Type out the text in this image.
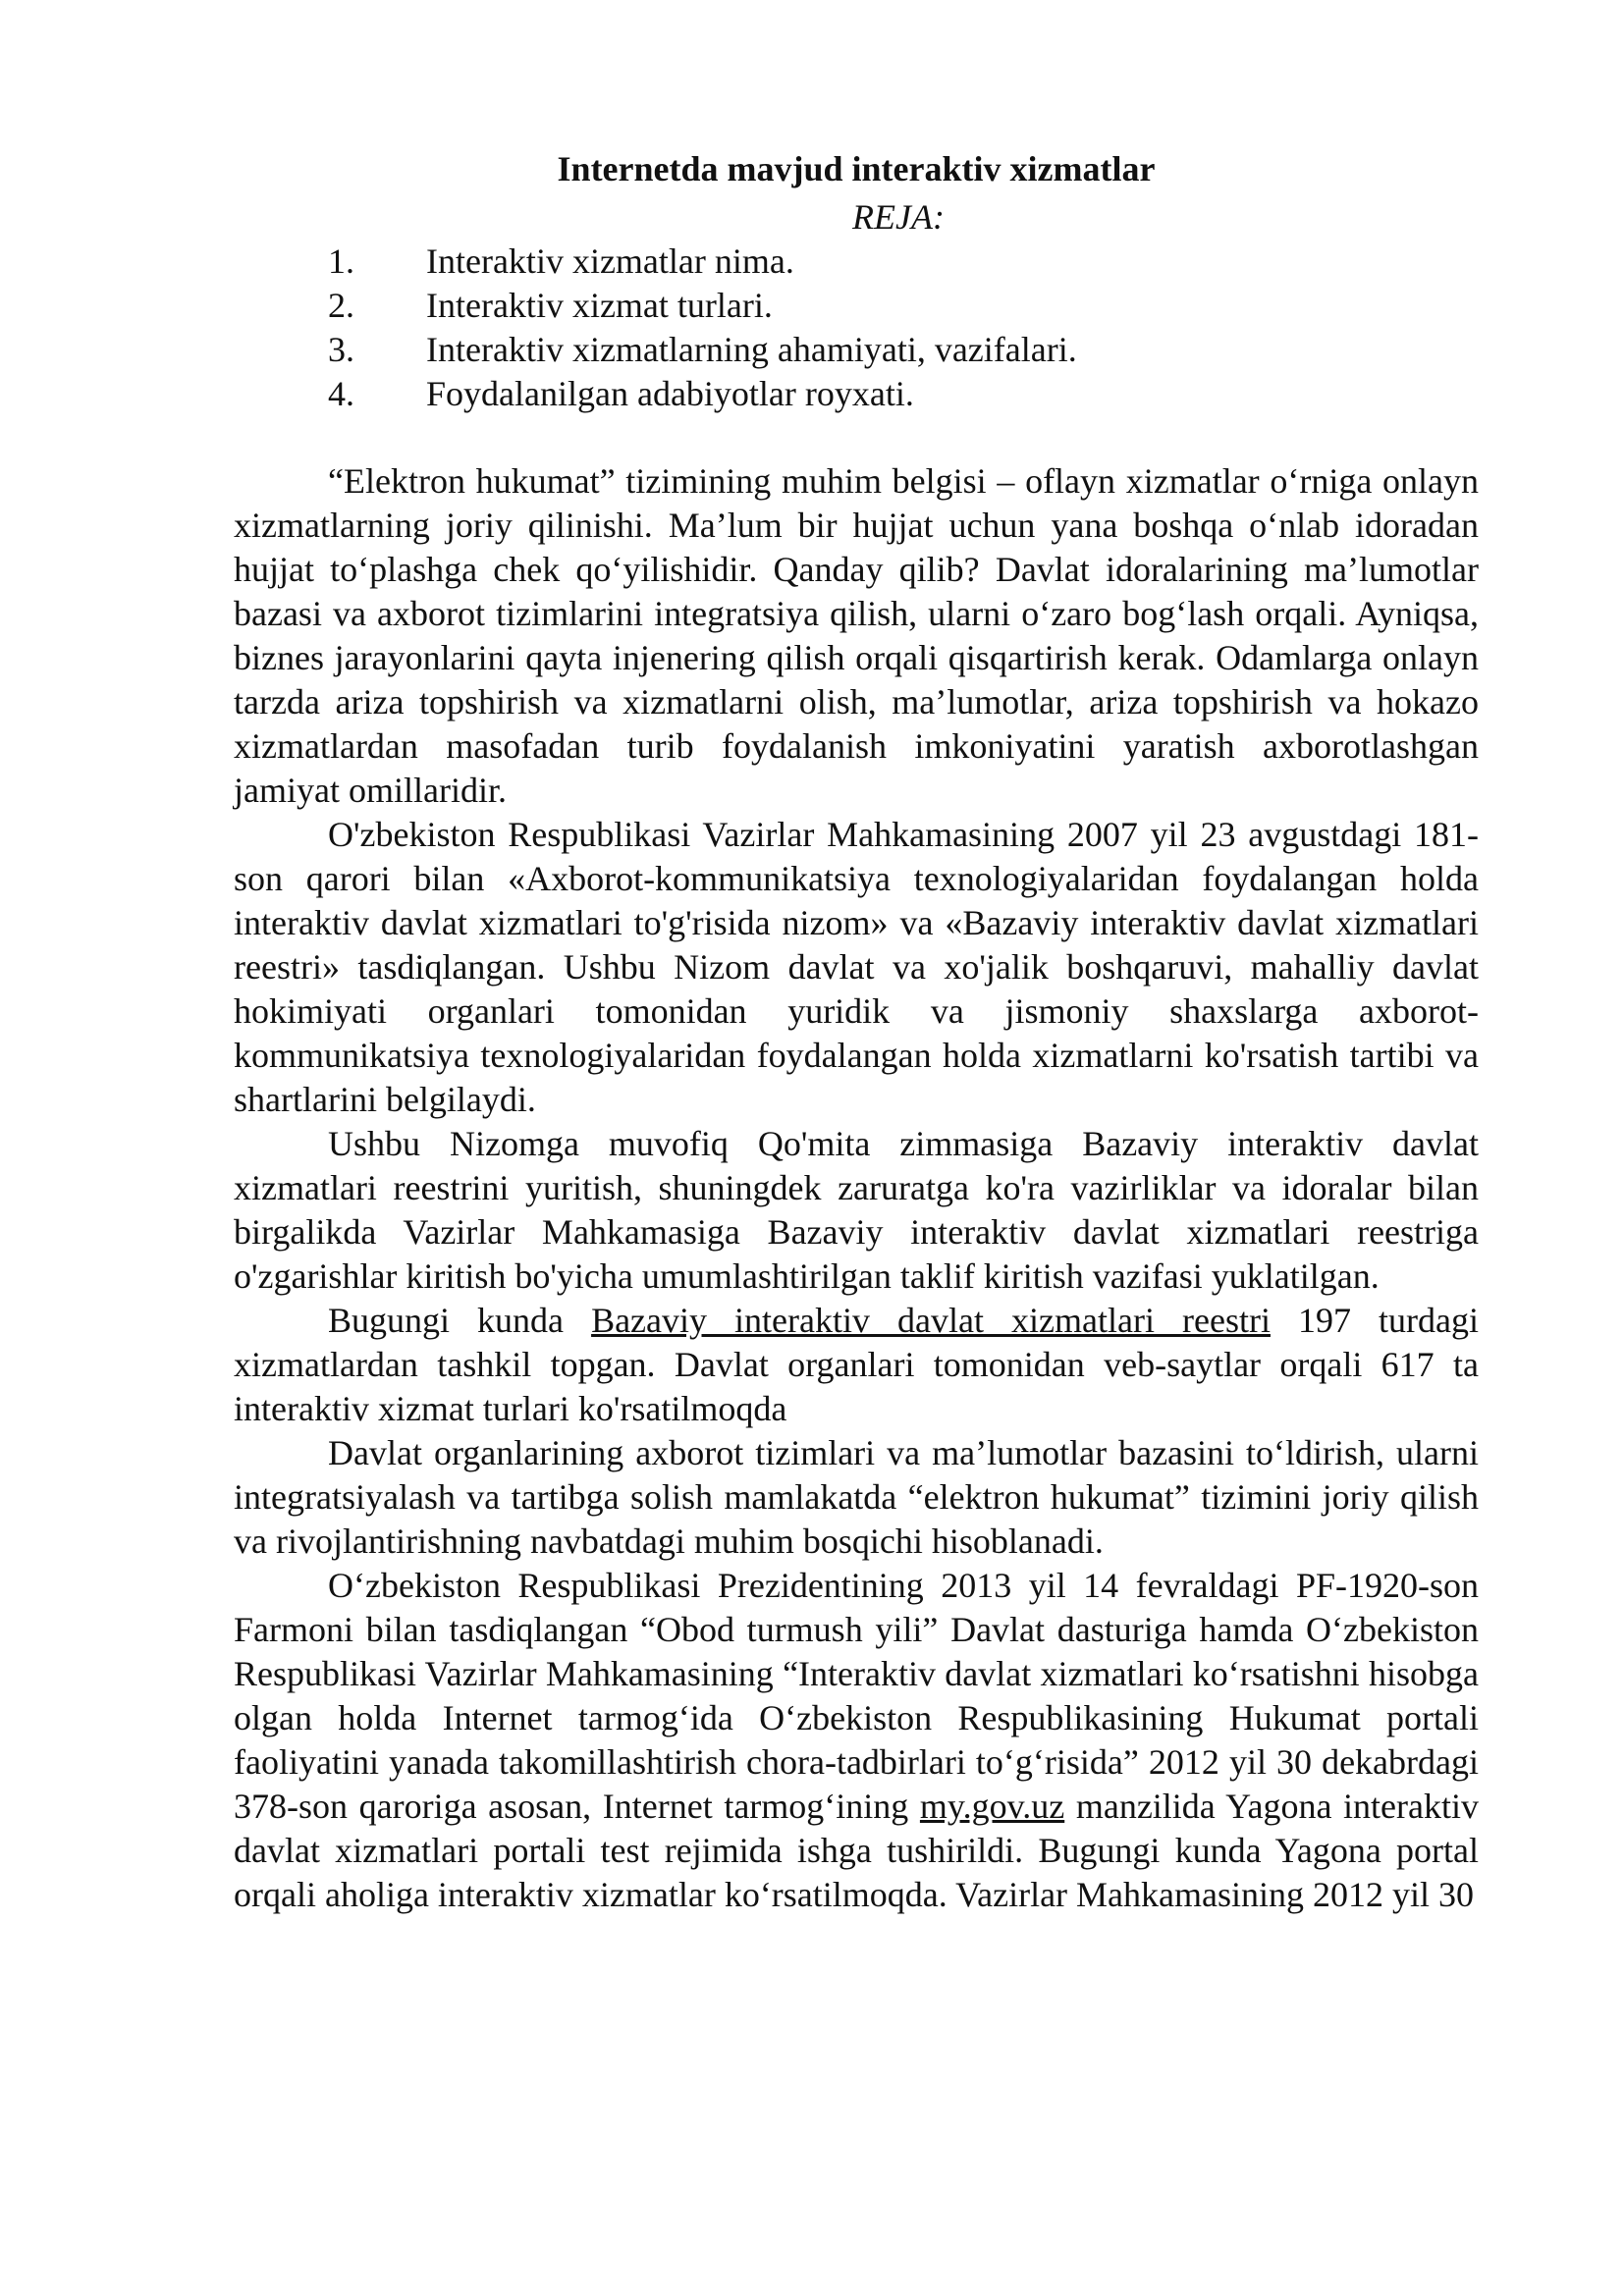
Internetda mavjud interaktiv xizmatlar
REJA:
1.	Interaktiv xizmatlar nima.
2.	Interaktiv xizmat turlari.
3.	Interaktiv xizmatlarning ahamiyati, vazifalari.
4.	Foydalanilgan adabiyotlar royxati.

“Elektron hukumat” tizimining muhim belgisi – oflayn xizmatlar o‘rniga onlayn xizmatlarning joriy qilinishi. Ma’lum bir hujjat uchun yana boshqa o‘nlab idoradan hujjat to‘plashga chek qo‘yilishidir. Qanday qilib? Davlat idoralarining ma’lumotlar bazasi va axborot tizimlarini integratsiya qilish, ularni o‘zaro bog‘lash orqali. Ayniqsa, biznes jarayonlarini qayta injenering qilish orqali qisqartirish kerak. Odamlarga onlayn tarzda ariza topshirish va xizmatlarni olish, ma’lumotlar, ariza topshirish va hokazo xizmatlardan masofadan turib foydalanish imkoniyatini yaratish axborotlashgan jamiyat omillaridir.

O'zbekiston Respublikasi Vazirlar Mahkamasining 2007 yil 23 avgustdagi 181-son qarori bilan «Axborot-kommunikatsiya texnologiyalaridan foydalangan holda interaktiv davlat xizmatlari to'g'risida nizom» va «Bazaviy interaktiv davlat xizmatlari reestri» tasdiqlangan. Ushbu Nizom davlat va xo'jalik boshqaruvi, mahalliy davlat hokimiyati organlari tomonidan yuridik va jismoniy shaxslarga axborot-kommunikatsiya texnologiyalaridan foydalangan holda xizmatlarni ko'rsatish tartibi va shartlarini belgilaydi.

Ushbu Nizomga muvofiq Qo'mita zimmasiga Bazaviy interaktiv davlat xizmatlari reestrini yuritish, shuningdek zaruratga ko'ra vazirliklar va idoralar bilan birgalikda Vazirlar Mahkamasiga Bazaviy interaktiv davlat xizmatlari reestriga o'zgarishlar kiritish bo'yicha umumlashtirilgan taklif kiritish vazifasi yuklatilgan.

Bugungi kunda Bazaviy interaktiv davlat xizmatlari reestri 197 turdagi xizmatlardan tashkil topgan. Davlat organlari tomonidan veb-saytlar orqali 617 ta interaktiv xizmat turlari ko'rsatilmoqda

Davlat organlarining axborot tizimlari va ma’lumotlar bazasini to‘ldirish, ularni integratsiyalash va tartibga solish mamlakatda “elektron hukumat” tizimini joriy qilish va rivojlantirishning navbatdagi muhim bosqichi hisoblanadi.

O‘zbekiston Respublikasi Prezidentining 2013 yil 14 fevraldagi PF-1920-son Farmoni bilan tasdiqlangan “Obod turmush yili” Davlat dasturiga hamda O‘zbekiston Respublikasi Vazirlar Mahkamasining “Interaktiv davlat xizmatlari ko‘rsatishni hisobga olgan holda Internet tarmog‘ida O‘zbekiston Respublikasining Hukumat portali faoliyatini yanada takomillashtirish chora-tadbirlari to‘g‘risida” 2012 yil 30 dekabrdagi 378-son qaroriga asosan, Internet tarmog‘ining my.gov.uz manzilida Yagona interaktiv davlat xizmatlari portali test rejimida ishga tushirildi. Bugungi kunda Yagona portal orqali aholiga interaktiv xizmatlar ko‘rsatilmoqda. Vazirlar Mahkamasining 2012 yil 30
